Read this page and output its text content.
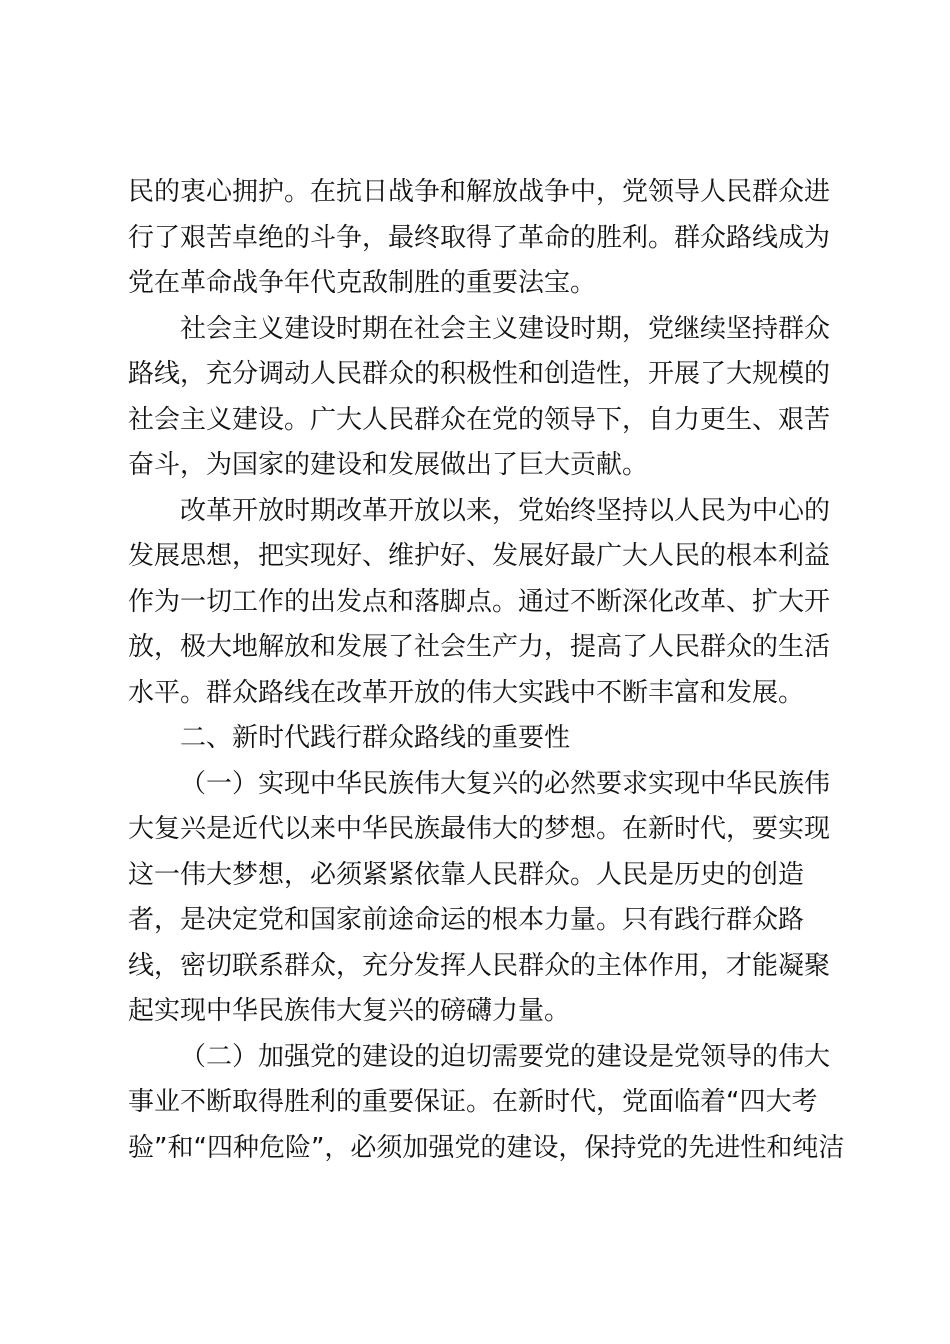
民的衷心拥护。在抗日战争和解放战争中，党领导人民群众进
行了艰苦卓绝的斗争，最终取得了革命的胜利。群众路线成为
党在革命战争年代克敌制胜的重要法宝。
社会主义建设时期在社会主义建设时期，党继续坚持群众
路线，充分调动人民群众的积极性和创造性，开展了大规模的
社会主义建设。广大人民群众在党的领导下，自力更生、艰苦
奋斗，为国家的建设和发展做出了巨大贡献。
改革开放时期改革开放以来，党始终坚持以人民为中心的
发展思想，把实现好、维护好、发展好最广大人民的根本利益
作为一切工作的出发点和落脚点。通过不断深化改革、扩大开
放，极大地解放和发展了社会生产力，提高了人民群众的生活
水平。群众路线在改革开放的伟大实践中不断丰富和发展。
二、新时代践行群众路线的重要性
（一）实现中华民族伟大复兴的必然要求实现中华民族伟
大复兴是近代以来中华民族最伟大的梦想。在新时代，要实现
这一伟大梦想，必须紧紧依靠人民群众。人民是历史的创造
者，是决定党和国家前途命运的根本力量。只有践行群众路
线，密切联系群众，充分发挥人民群众的主体作用，才能凝聚
起实现中华民族伟大复兴的磅礴力量。
（二）加强党的建设的迫切需要党的建设是党领导的伟大
事业不断取得胜利的重要保证。在新时代，党面临着“四大考
验”和“四种危险”，必须加强党的建设，保持党的先进性和纯洁
